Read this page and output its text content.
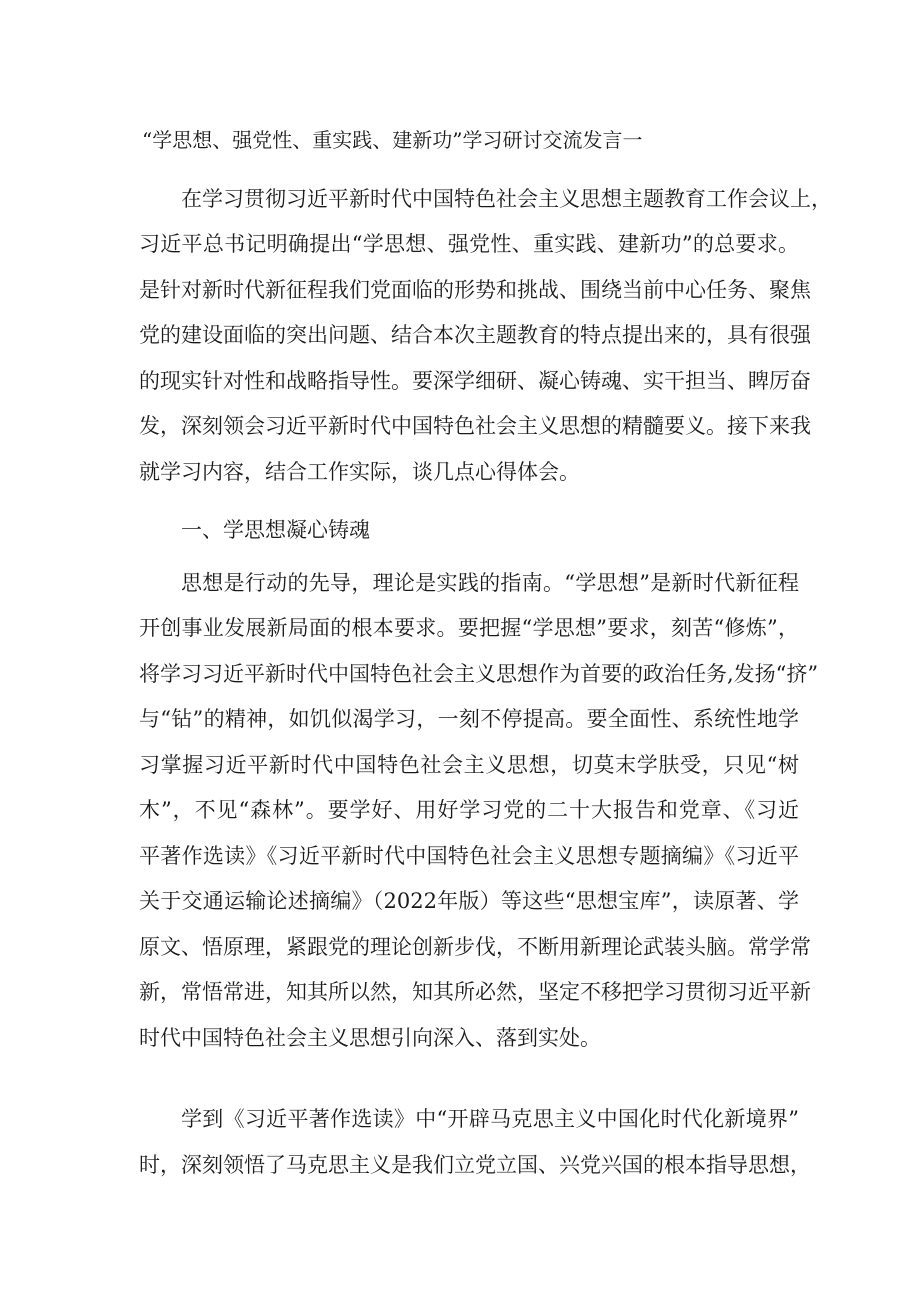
“学思想、强党性、重实践、建新功”学习研讨交流发言一
在学习贯彻习近平新时代中国特色社会主义思想主题教育工作会议上，
习近平总书记明确提出“学思想、强党性、重实践、建新功”的总要求。
是针对新时代新征程我们党面临的形势和挑战、围绕当前中心任务、聚焦
党的建设面临的突出问题、结合本次主题教育的特点提出来的，具有很强
的现实针对性和战略指导性。要深学细研、凝心铸魂、实干担当、睥厉奋
发，深刻领会习近平新时代中国特色社会主义思想的精髓要义。接下来我
就学习内容，结合工作实际，谈几点心得体会。
一、学思想凝心铸魂
思想是行动的先导，理论是实践的指南。“学思想”是新时代新征程
开创事业发展新局面的根本要求。要把握“学思想”要求，刻苦“修炼”，
将学习习近平新时代中国特色社会主义思想作为首要的政治任务,发扬“挤”
与“钻”的精神，如饥似渴学习，一刻不停提高。要全面性、系统性地学
习掌握习近平新时代中国特色社会主义思想，切莫末学肤受，只见“树
木”，不见“森林”。要学好、用好学习党的二十大报告和党章、《习近
平著作选读》《习近平新时代中国特色社会主义思想专题摘编》《习近平
关于交通运输论述摘编》（2022年版）等这些“思想宝库”，读原著、学
原文、悟原理，紧跟党的理论创新步伐，不断用新理论武装头脑。常学常
新，常悟常进，知其所以然，知其所必然，坚定不移把学习贯彻习近平新
时代中国特色社会主义思想引向深入、落到实处。
学到《习近平著作选读》中“开辟马克思主义中国化时代化新境界”
时，深刻领悟了马克思主义是我们立党立国、兴党兴国的根本指导思想，
